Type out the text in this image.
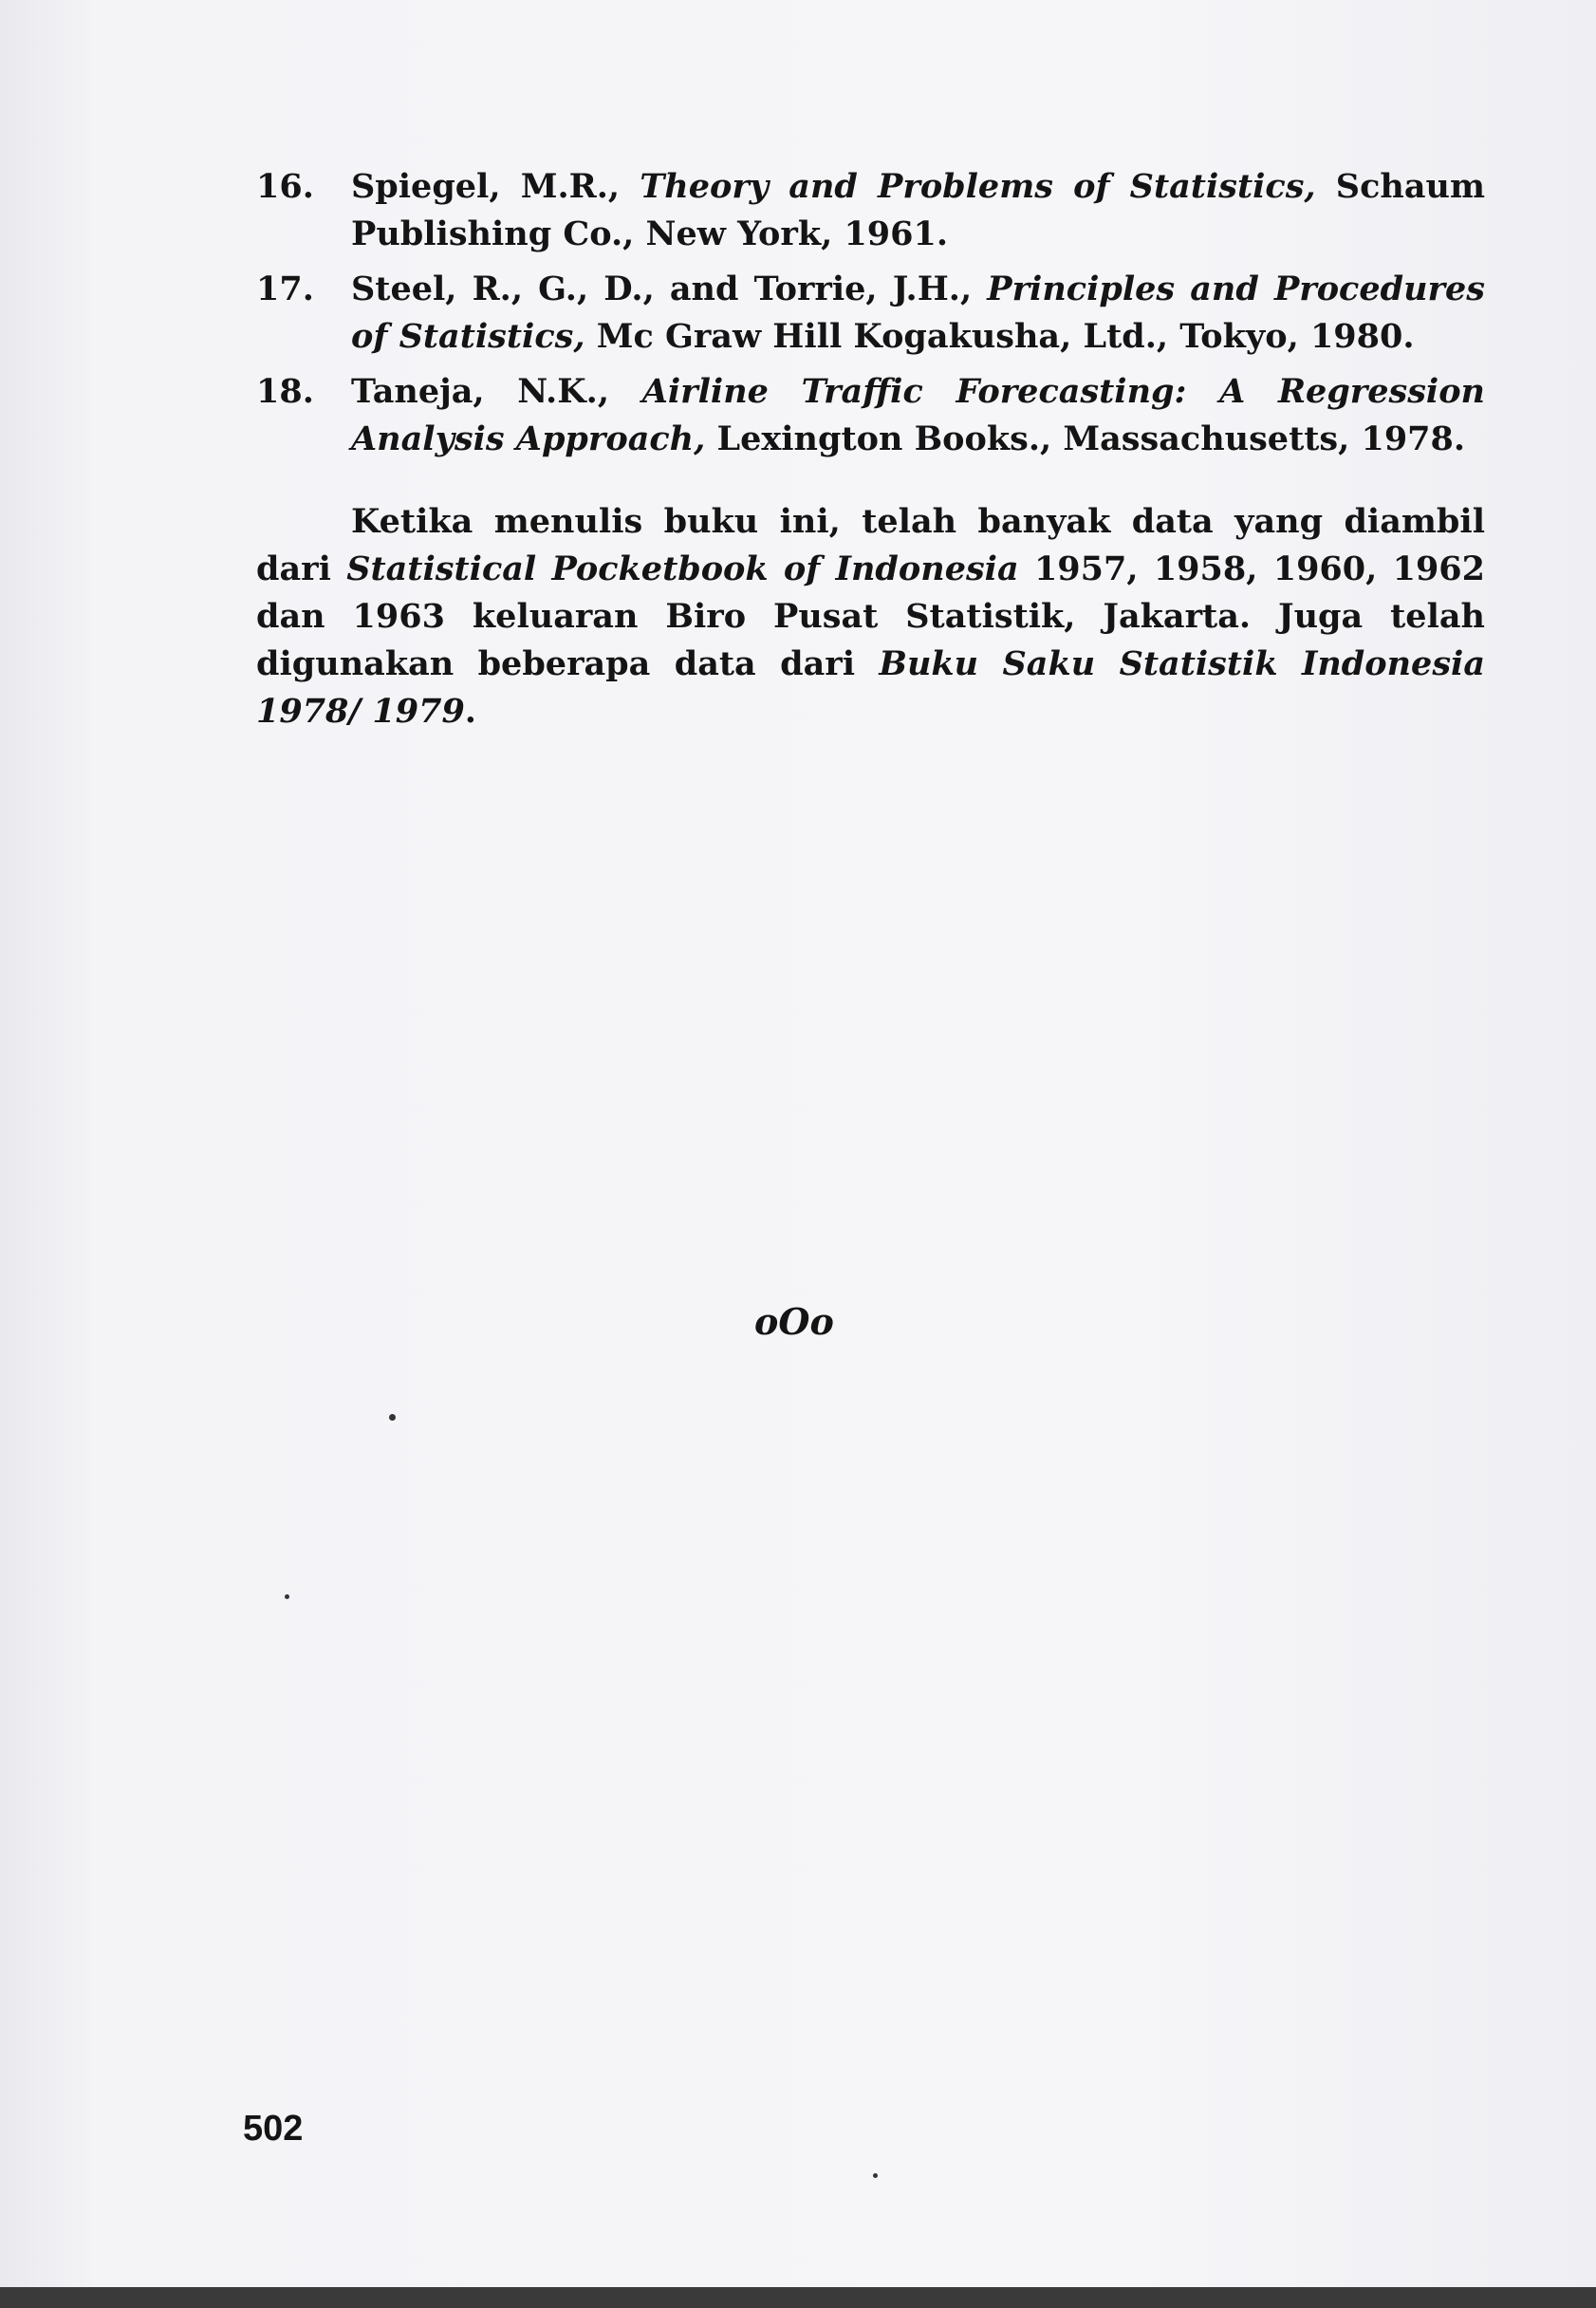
16.	Spiegel, M.R., Theory and Problems of Statistics, Schaum Publishing Co., New York, 1961.
17.	Steel, R., G., D., and Torrie, J.H., Principles and Procedures of Statistics, Mc Graw Hill Kogakusha, Ltd., Tokyo, 1980.
18.	Taneja, N.K., Airline Traffic Forecasting: A Regression Analysis Approach, Lexington Books., Massachusetts, 1978.
Ketika menulis buku ini, telah banyak data yang diambil dari Statistical Pocketbook of Indonesia 1957, 1958, 1960, 1962 dan 1963 keluaran Biro Pusat Statistik, Jakarta. Juga telah digunakan beberapa data dari Buku Saku Statistik Indonesia 1978/ 1979.
oOo
502
